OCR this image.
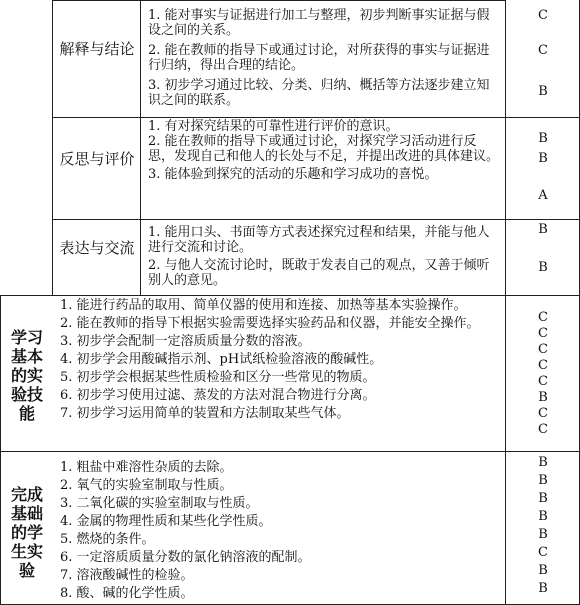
解释与结论
1. 能对事实与证据进行加工与整理，初步判断事实证据与假设之间的关系。
2. 能在教师的指导下或通过讨论，对所获得的事实与证据进行归纳，得出合理的结论。
3. 初步学习通过比较、分类、归纳、概括等方法逐步建立知识之间的联系。
C
C
B
反思与评价
1. 有对探究结果的可靠性进行评价的意识。
2. 能在教师的指导下或通过讨论，对探究学习活动进行反思，发现自己和他人的长处与不足，并提出改进的具体建议。
3. 能体验到探究的活动的乐趣和学习成功的喜悦。
B
B
A
表达与交流
1. 能用口头、书面等方式表述探究过程和结果，并能与他人进行交流和讨论。
2. 与他人交流讨论时，既敢于发表自己的观点，又善于倾听别人的意见。
B
B
学习基本的实验技能
1. 能进行药品的取用、简单仪器的使用和连接、加热等基本实验操作。
2. 能在教师的指导下根据实验需要选择实验药品和仪器，并能安全操作。
3. 初步学会配制一定溶质质量分数的溶液。
4. 初步学会用酸碱指示剂、pH试纸检验溶液的酸碱性。
5. 初步学会根据某些性质检验和区分一些常见的物质。
6. 初步学习使用过滤、蒸发的方法对混合物进行分离。
7. 初步学习运用简单的装置和方法制取某些气体。
C
C
C
C
C
B
C
C
完成基础的学生实验
1. 粗盐中难溶性杂质的去除。
2. 氧气的实验室制取与性质。
3. 二氧化碳的实验室制取与性质。
4. 金属的物理性质和某些化学性质。
5. 燃烧的条件。
6. 一定溶质质量分数的氯化钠溶液的配制。
7. 溶液酸碱性的检验。
8. 酸、碱的化学性质。
B
B
B
B
B
C
B
B
